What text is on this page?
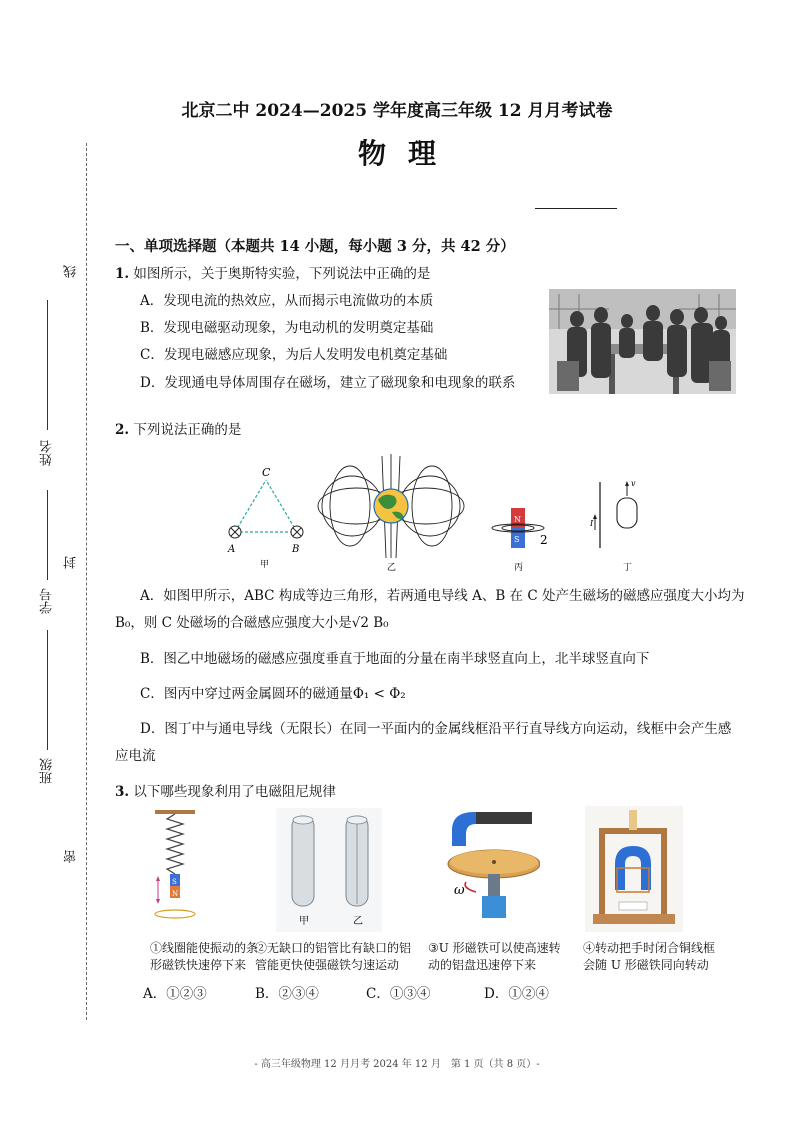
北京二中 2024—2025 学年度高三年级 12 月月考试卷
物理
线
姓名
封
学号
班级
密
一、单项选择题（本题共 14 小题，每小题 3 分，共 42 分）
1. 如图所示，关于奥斯特实验，下列说法中正确的是
A．发现电流的热效应，从而揭示电流做功的本质
B．发现电磁驱动现象，为电动机的发明奠定基础
C．发现电磁感应现象，为后人发明发电机奠定基础
D．发现通电导体周围存在磁场，建立了磁现象和电现象的联系
2. 下列说法正确的是
C
A	B
甲	乙
N
S 2
丙
I
v
丁
A．如图甲所示，ABC 构成等边三角形，若两通电导线 A、B 在 C 处产生磁场的磁感应强度大小均为
B₀，则 C 处磁场的合磁感应强度大小是√2 B₀
B．图乙中地磁场的磁感应强度垂直于地面的分量在南半球竖直向上，北半球竖直向下
C．图丙中穿过两金属圆环的磁通量Φ₁ < Φ₂
D．图丁中与通电导线（无限长）在同一平面内的金属线框沿平行直导线方向运动，线框中会产生感
应电流
3. 以下哪些现象利用了电磁阻尼规律
S
N
甲	乙
ω
①线圈能使振动的条
形磁铁快速停下来
②无缺口的铝管比有缺口的铝
管能更快使强磁铁匀速运动
③U 形磁铁可以使高速转
动的铝盘迅速停下来
④转动把手时闭合铜线框
会随 U 形磁铁同向转动
A．①②③	B．②③④	C．①③④	D．①②④
- 高三年级物理 12 月月考 2024 年 12 月　第 1 页（共 8 页）-
